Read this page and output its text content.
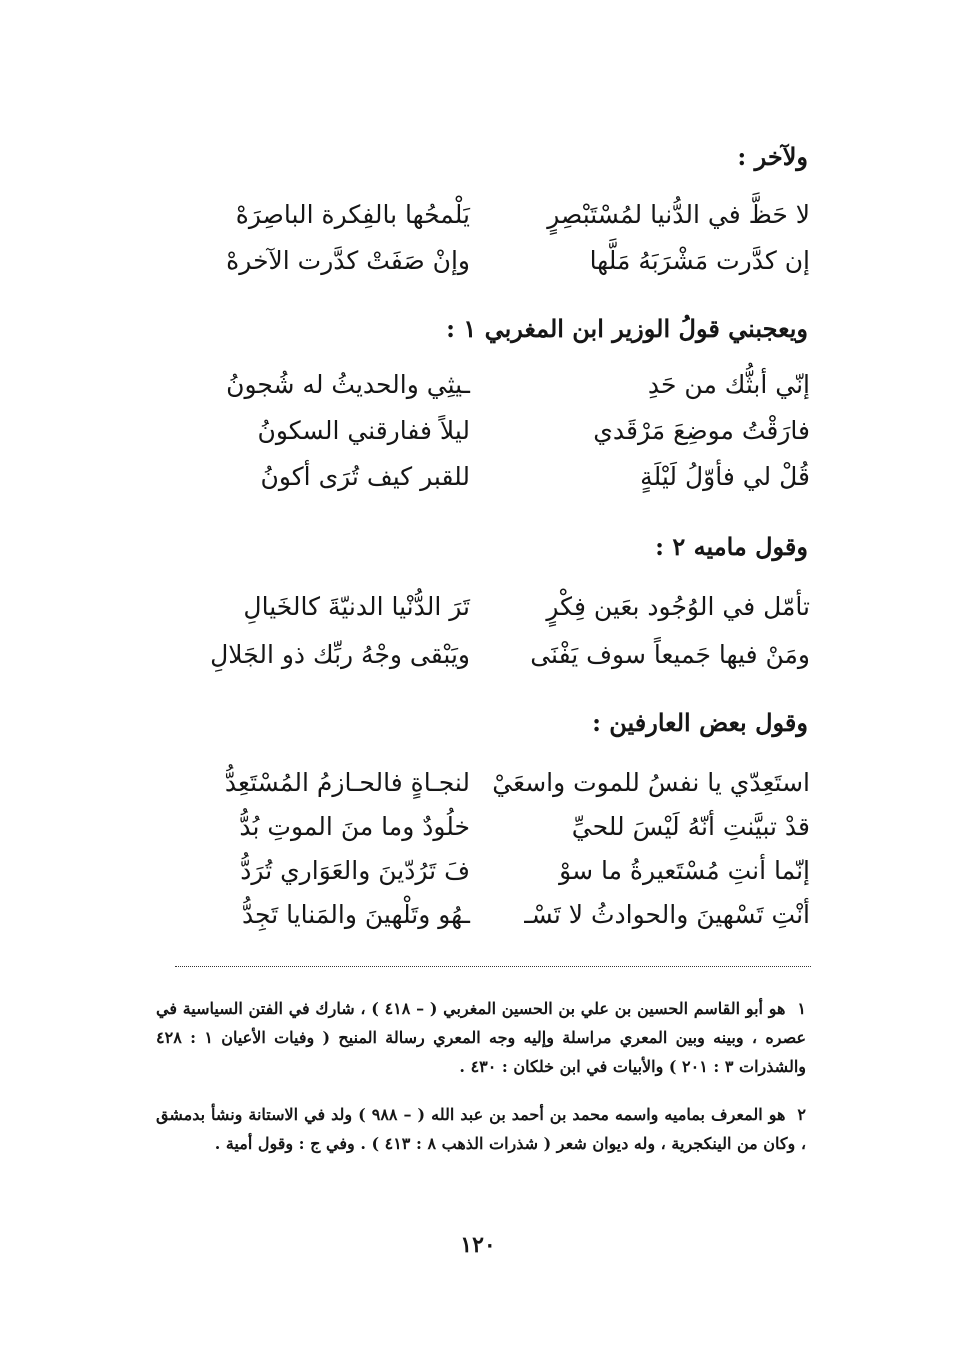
ولآخر :
لا حَظَّ في الدُّنيا لمُسْتَبْصِرٍ
يَلْمحُها بالفِكرة الباصِرَهْ
إن كدَّرت مَشْرَبَهُ مَلَّها
وإنْ صَفَتْ كدَّرت الآخرهْ
ويعجبني قولُ الوزير ابن المغربي ١ :
إنّي أبثُّك من حَدِ
ـيثِي والحديثُ له شُجونُ
فارَقْتُ موضِعَ مَرْقَدي
ليلاً ففارقني السكونُ
قُلْ لي فأوّلُ لَيْلَةٍ
للقبر كيف تُرَى أكونُ
وقول ماميه ٢ :
تأمّل في الوُجُود بعَين فِكْرٍ
تَرَ الدُّنْيا الدنيّةَ كالخَيالِ
ومَنْ فيها جَميعاً سوف يَفْنَى
ويَبْقى وجْهُ ربِّك ذو الجَلالِ
وقول بعض العارفين :
استَعِدّي يا نفسُ للموت واسعَيْ
لنجـاةٍ فالحـازمُ المُسْتَعِدُّ
قدْ تبيَّنتِ أنّهُ لَيْسَ للحيِّ
خلُودٌ وما منَ الموتِ بُدُّ
إنّما أنتِ مُسْتَعيرةُ ما سوْ
فَ تَرُدّينَ والعَوَاري تُرَدُّ
أنْتِ تَسْهينَ والحوادثُ لا تَسْـ
ـهُو وتَلْهينَ والمَنايا تَجِدُّ
١هو أبو القاسم الحسين بن علي بن الحسين المغربي ( – ٤١٨ ) ، شارك في الفتن السياسية في عصره ، وبينه وبين المعري مراسلة وإليه وجه المعري رسالة المنيح ( وفيات الأعيان ١ : ٤٢٨ والشذرات ٣ : ٢٠١ ) والأبيات في ابن خلكان : ٤٣٠ .
٢هو المعرف بماميه واسمه محمد بن أحمد بن عبد الله ( – ٩٨٨ ) ولد في الاستانة ونشأ بدمشق ، وكان من الينكجرية ، وله ديوان شعر ( شذرات الذهب ٨ : ٤١٣ ) . وفي ج : وقول أمية .
١٢٠
